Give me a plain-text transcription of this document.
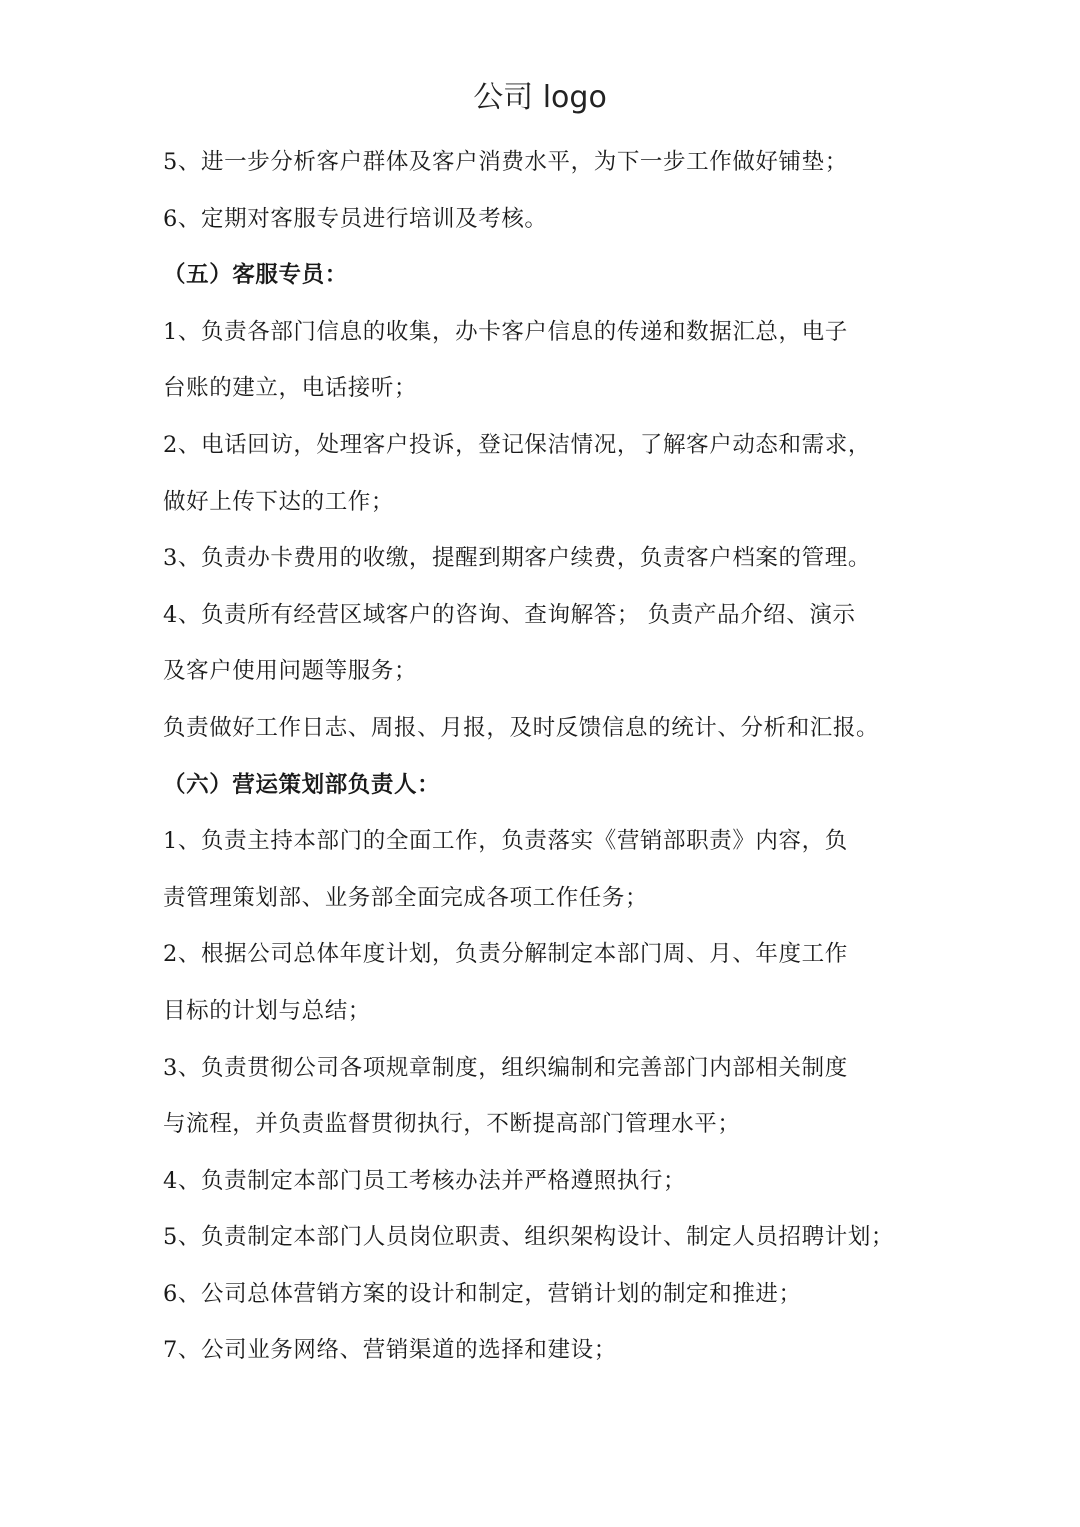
公司 logo
5、进一步分析客户群体及客户消费水平，为下一步工作做好铺垫；
6、定期对客服专员进行培训及考核。
（五）客服专员：
1、负责各部门信息的收集，办卡客户信息的传递和数据汇总，电子
台账的建立，电话接听；
2、电话回访，处理客户投诉，登记保洁情况，了解客户动态和需求，
做好上传下达的工作；
3、负责办卡费用的收缴，提醒到期客户续费，负责客户档案的管理。
4、负责所有经营区域客户的咨询、查询解答； 负责产品介绍、演示
及客户使用问题等服务；
负责做好工作日志、周报、月报，及时反馈信息的统计、分析和汇报。
（六）营运策划部负责人：
1、负责主持本部门的全面工作，负责落实《营销部职责》内容，负
责管理策划部、业务部全面完成各项工作任务；
2、根据公司总体年度计划，负责分解制定本部门周、月、年度工作
目标的计划与总结；
3、负责贯彻公司各项规章制度，组织编制和完善部门内部相关制度
与流程，并负责监督贯彻执行，不断提高部门管理水平；
4、负责制定本部门员工考核办法并严格遵照执行；
5、负责制定本部门人员岗位职责、组织架构设计、制定人员招聘计划；
6、公司总体营销方案的设计和制定，营销计划的制定和推进；
7、公司业务网络、营销渠道的选择和建设；
